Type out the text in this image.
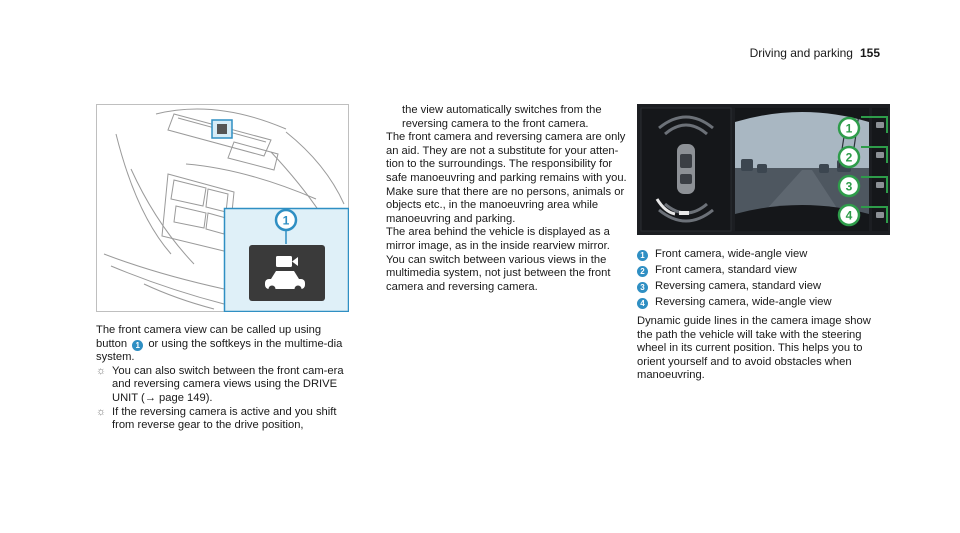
Driving and parking 155
1

The front camera view can be called up using button 1 or using the softkeys in the multime-dia system.

☼ You can also switch between the front cam-era and reversing camera views using the DRIVE UNIT (→ page 149).
☼ If the reversing camera is active and you shift from reverse gear to the drive position,

the view automatically switches from the reversing camera to the front camera.

The front camera and reversing camera are only an aid. They are not a substitute for your atten-tion to the surroundings. The responsibility for safe manoeuvring and parking remains with you. Make sure that there are no persons, animals or objects etc., in the manoeuvring area while manoeuvring and parking.

The area behind the vehicle is displayed as a mirror image, as in the inside rearview mirror.

You can switch between various views in the multimedia system, not just between the front camera and reversing camera.

1
2
3
4
1 Front camera, wide-angle view
2 Front camera, standard view
3 Reversing camera, standard view
4 Reversing camera, wide-angle view

Dynamic guide lines in the camera image show the path the vehicle will take with the steering wheel in its current position. This helps you to orient yourself and to avoid obstacles when manoeuvring.
